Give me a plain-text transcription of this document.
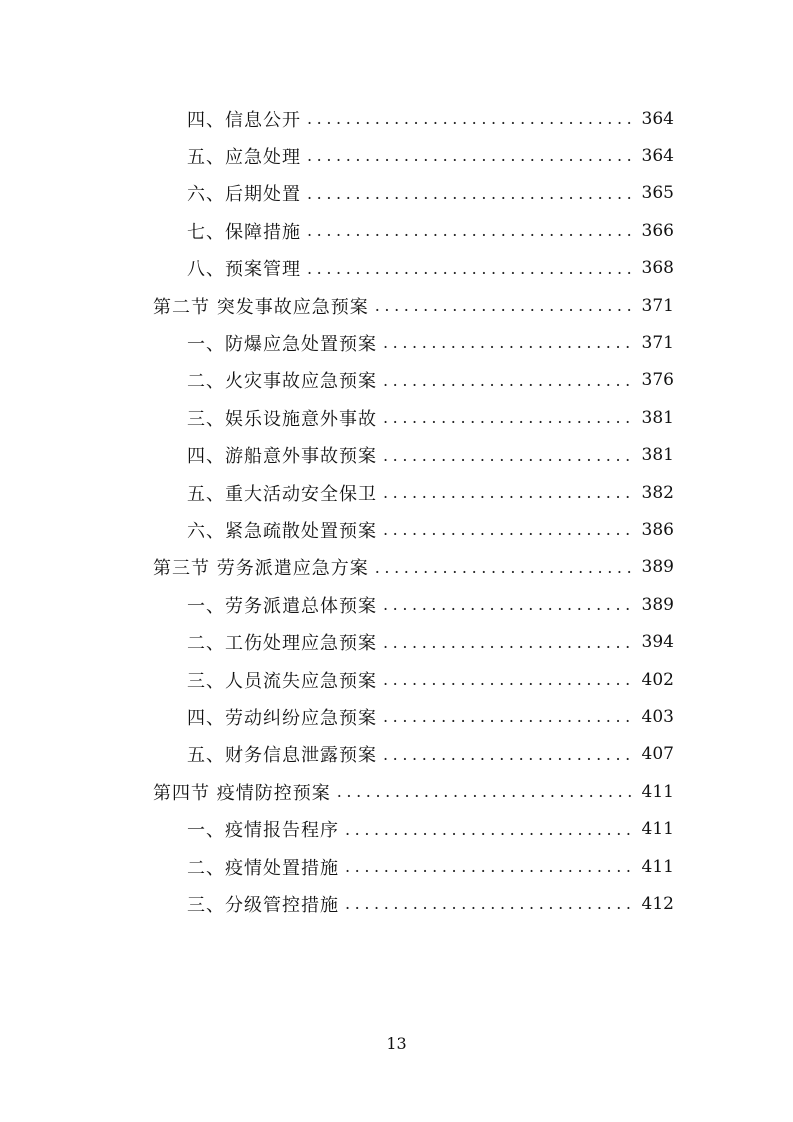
四、信息公开 .....	364
五、应急处理 .....	364
六、后期处置 .....	365
七、保障措施 .....	366
八、预案管理 .....	368
第二节 突发事故应急预案 .....	371
一、防爆应急处置预案 .....	371
二、火灾事故应急预案 .....	376
三、娱乐设施意外事故 .....	381
四、游船意外事故预案 .....	381
五、重大活动安全保卫 .....	382
六、紧急疏散处置预案 .....	386
第三节 劳务派遣应急方案 .....	389
一、劳务派遣总体预案 .....	389
二、工伤处理应急预案 .....	394
三、人员流失应急预案 .....	402
四、劳动纠纷应急预案 .....	403
五、财务信息泄露预案 .....	407
第四节 疫情防控预案 .....	411
一、疫情报告程序 .....	411
二、疫情处置措施 .....	411
三、分级管控措施 .....	412
13
